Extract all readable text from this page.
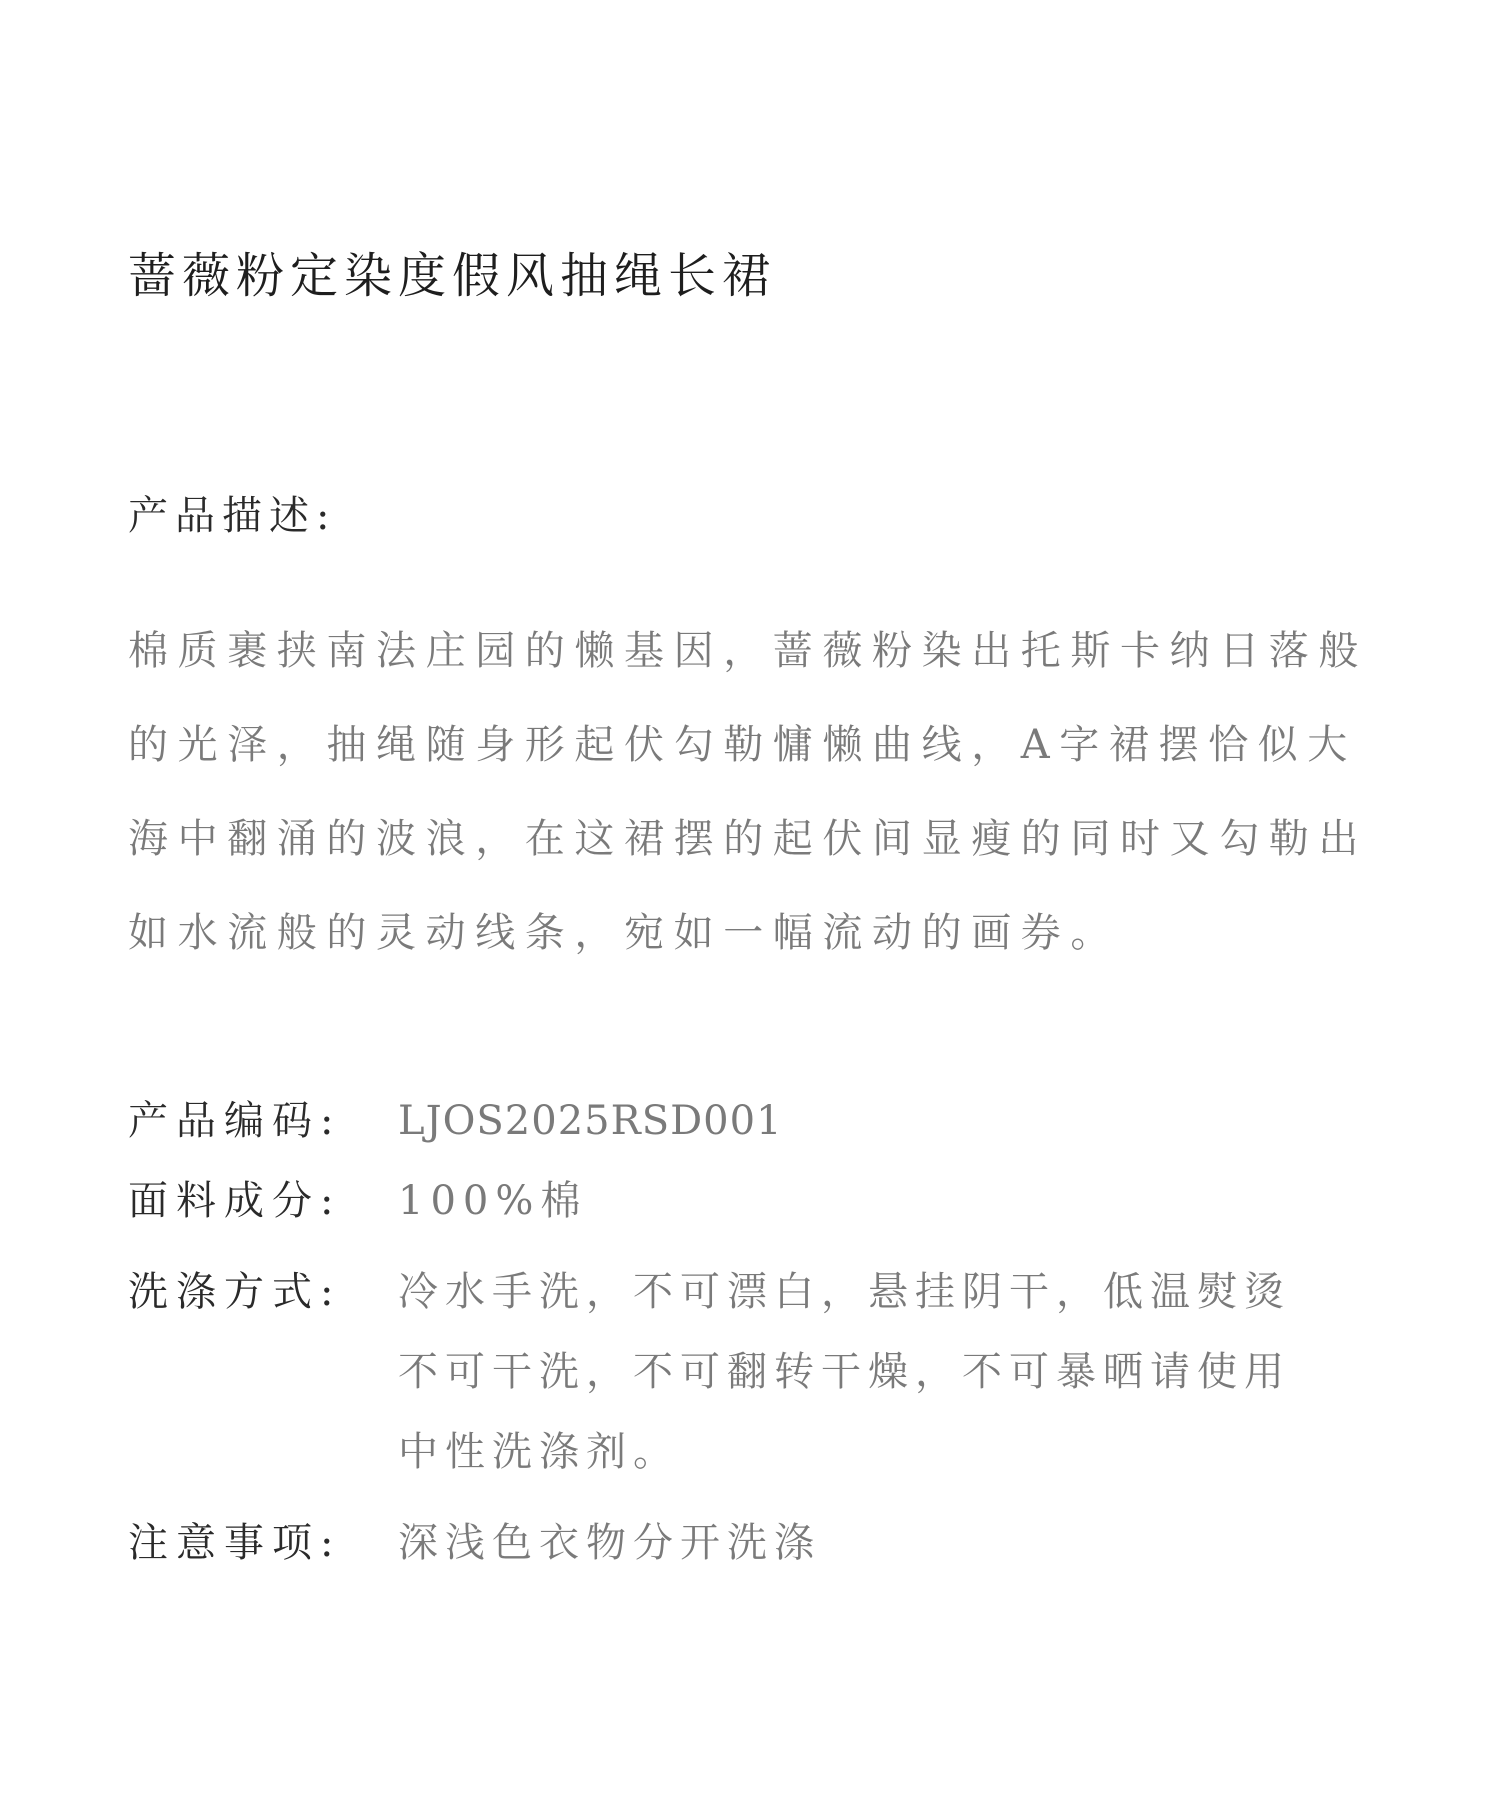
蔷薇粉定染度假风抽绳长裙
产品描述:
棉质裹挟南法庄园的懒基因，蔷薇粉染出托斯卡纳日落般
的光泽，抽绳随身形起伏勾勒慵懒曲线，A字裙摆恰似大
海中翻涌的波浪，在这裙摆的起伏间显瘦的同时又勾勒出
如水流般的灵动线条，宛如一幅流动的画券。
产品编码:	LJOS2025RSD001
面料成分:	100%棉
洗涤方式:	冷水手洗，不可漂白，悬挂阴干，低温熨烫
不可干洗，不可翻转干燥，不可暴晒请使用
中性洗涤剂。
注意事项:	深浅色衣物分开洗涤
